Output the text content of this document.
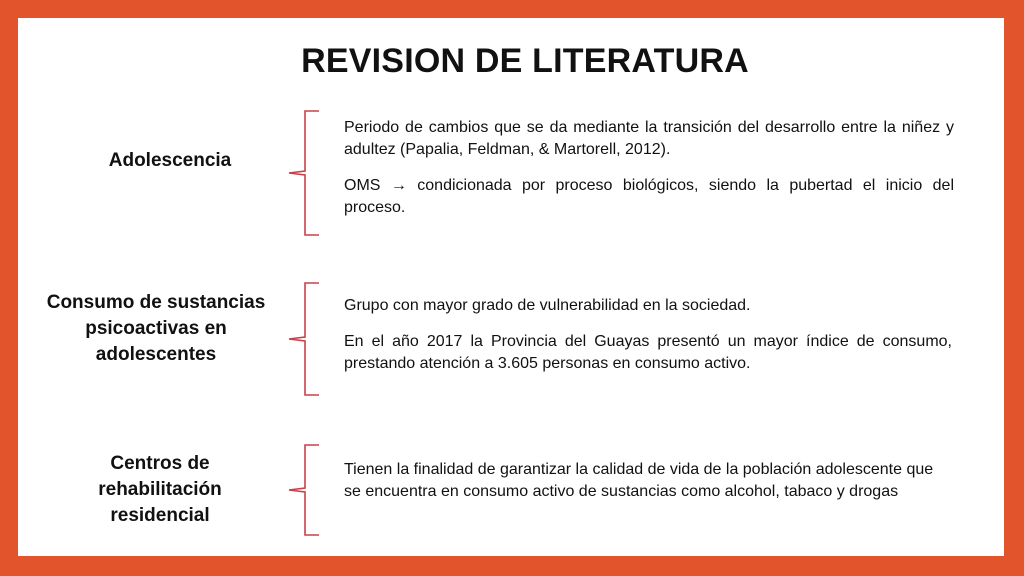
REVISION DE LITERATURA
Adolescencia

Periodo de cambios que se da mediante la transición del desarrollo entre la niñez y adultez (Papalia, Feldman, & Martorell, 2012).

OMS → condicionada por proceso biológicos, siendo la pubertad el inicio del proceso.

Consumo de sustancias psicoactivas en adolescentes

Grupo con mayor grado de vulnerabilidad en la sociedad.

En el año 2017 la Provincia del Guayas presentó un mayor índice de consumo, prestando atención a 3.605 personas en consumo activo.

Centros de rehabilitación residencial

Tienen la finalidad de garantizar la calidad de vida de la población adolescente que se encuentra en consumo activo de sustancias como alcohol, tabaco y drogas
